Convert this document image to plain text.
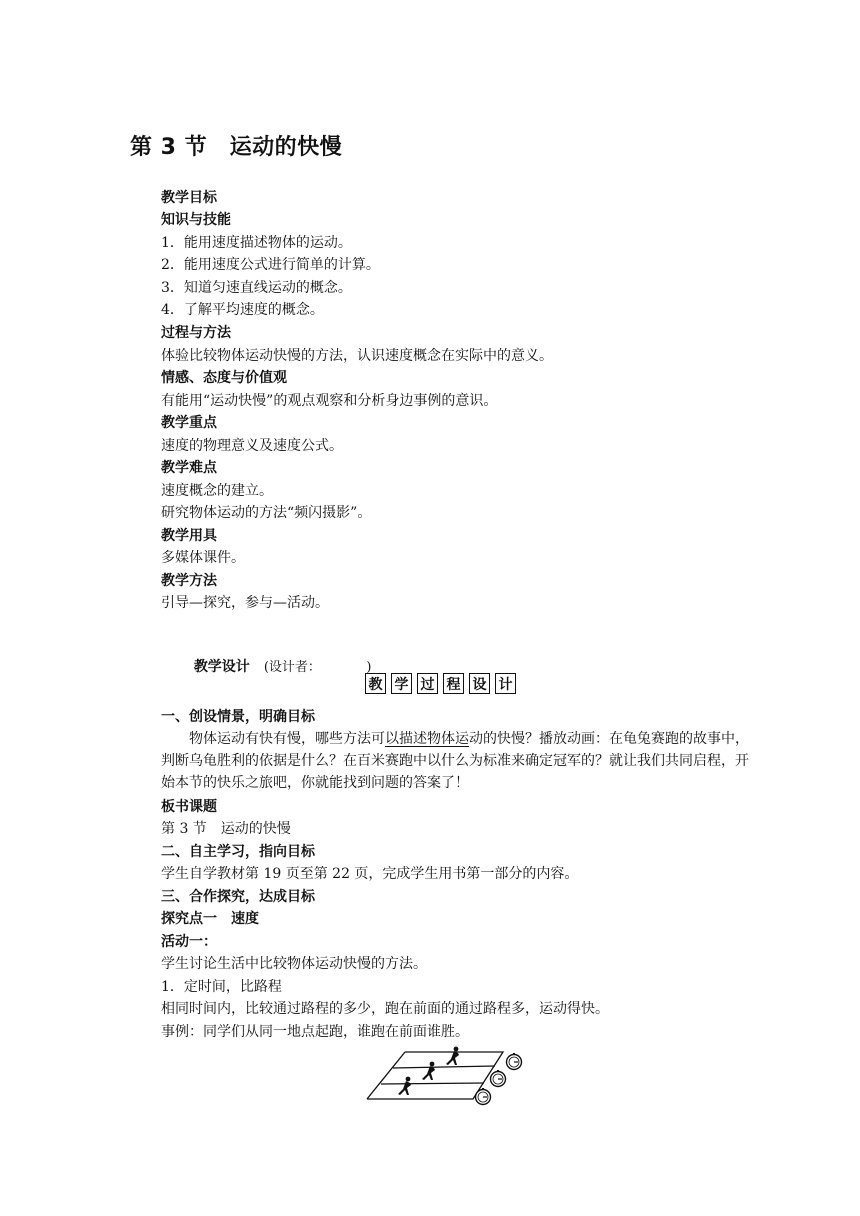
第 3 节　运动的快慢
教学目标
知识与技能
1．能用速度描述物体的运动。
2．能用速度公式进行简单的计算。
3．知道匀速直线运动的概念。
4．了解平均速度的概念。
过程与方法
体验比较物体运动快慢的方法，认识速度概念在实际中的意义。
情感、态度与价值观
有能用“运动快慢”的观点观察和分析身边事例的意识。
教学重点
速度的物理意义及速度公式。
教学难点
速度概念的建立。
研究物体运动的方法“频闪摄影”。
教学用具
多媒体课件。
教学方法
引导—探究，参与—活动。

教学设计 (设计者：　　　　)

教 学 过 程 设 计
一、创设情景，明确目标
物体运动有快有慢，哪些方法可以描述物体运动的快慢？播放动画：在龟兔赛跑的故事中，判断乌龟胜利的依据是什么？在百米赛跑中以什么为标准来确定冠军的？就让我们共同启程，开始本节的快乐之旅吧，你就能找到问题的答案了！
板书课题
第 3 节　运动的快慢
二、自主学习，指向目标
学生自学教材第 19 页至第 22 页，完成学生用书第一部分的内容。
三、合作探究，达成目标
探究点一 速度
活动一：
学生讨论生活中比较物体运动快慢的方法。
1．定时间，比路程
相同时间内，比较通过路程的多少，跑在前面的通过路程多，运动得快。
事例：同学们从同一地点起跑，谁跑在前面谁胜。
